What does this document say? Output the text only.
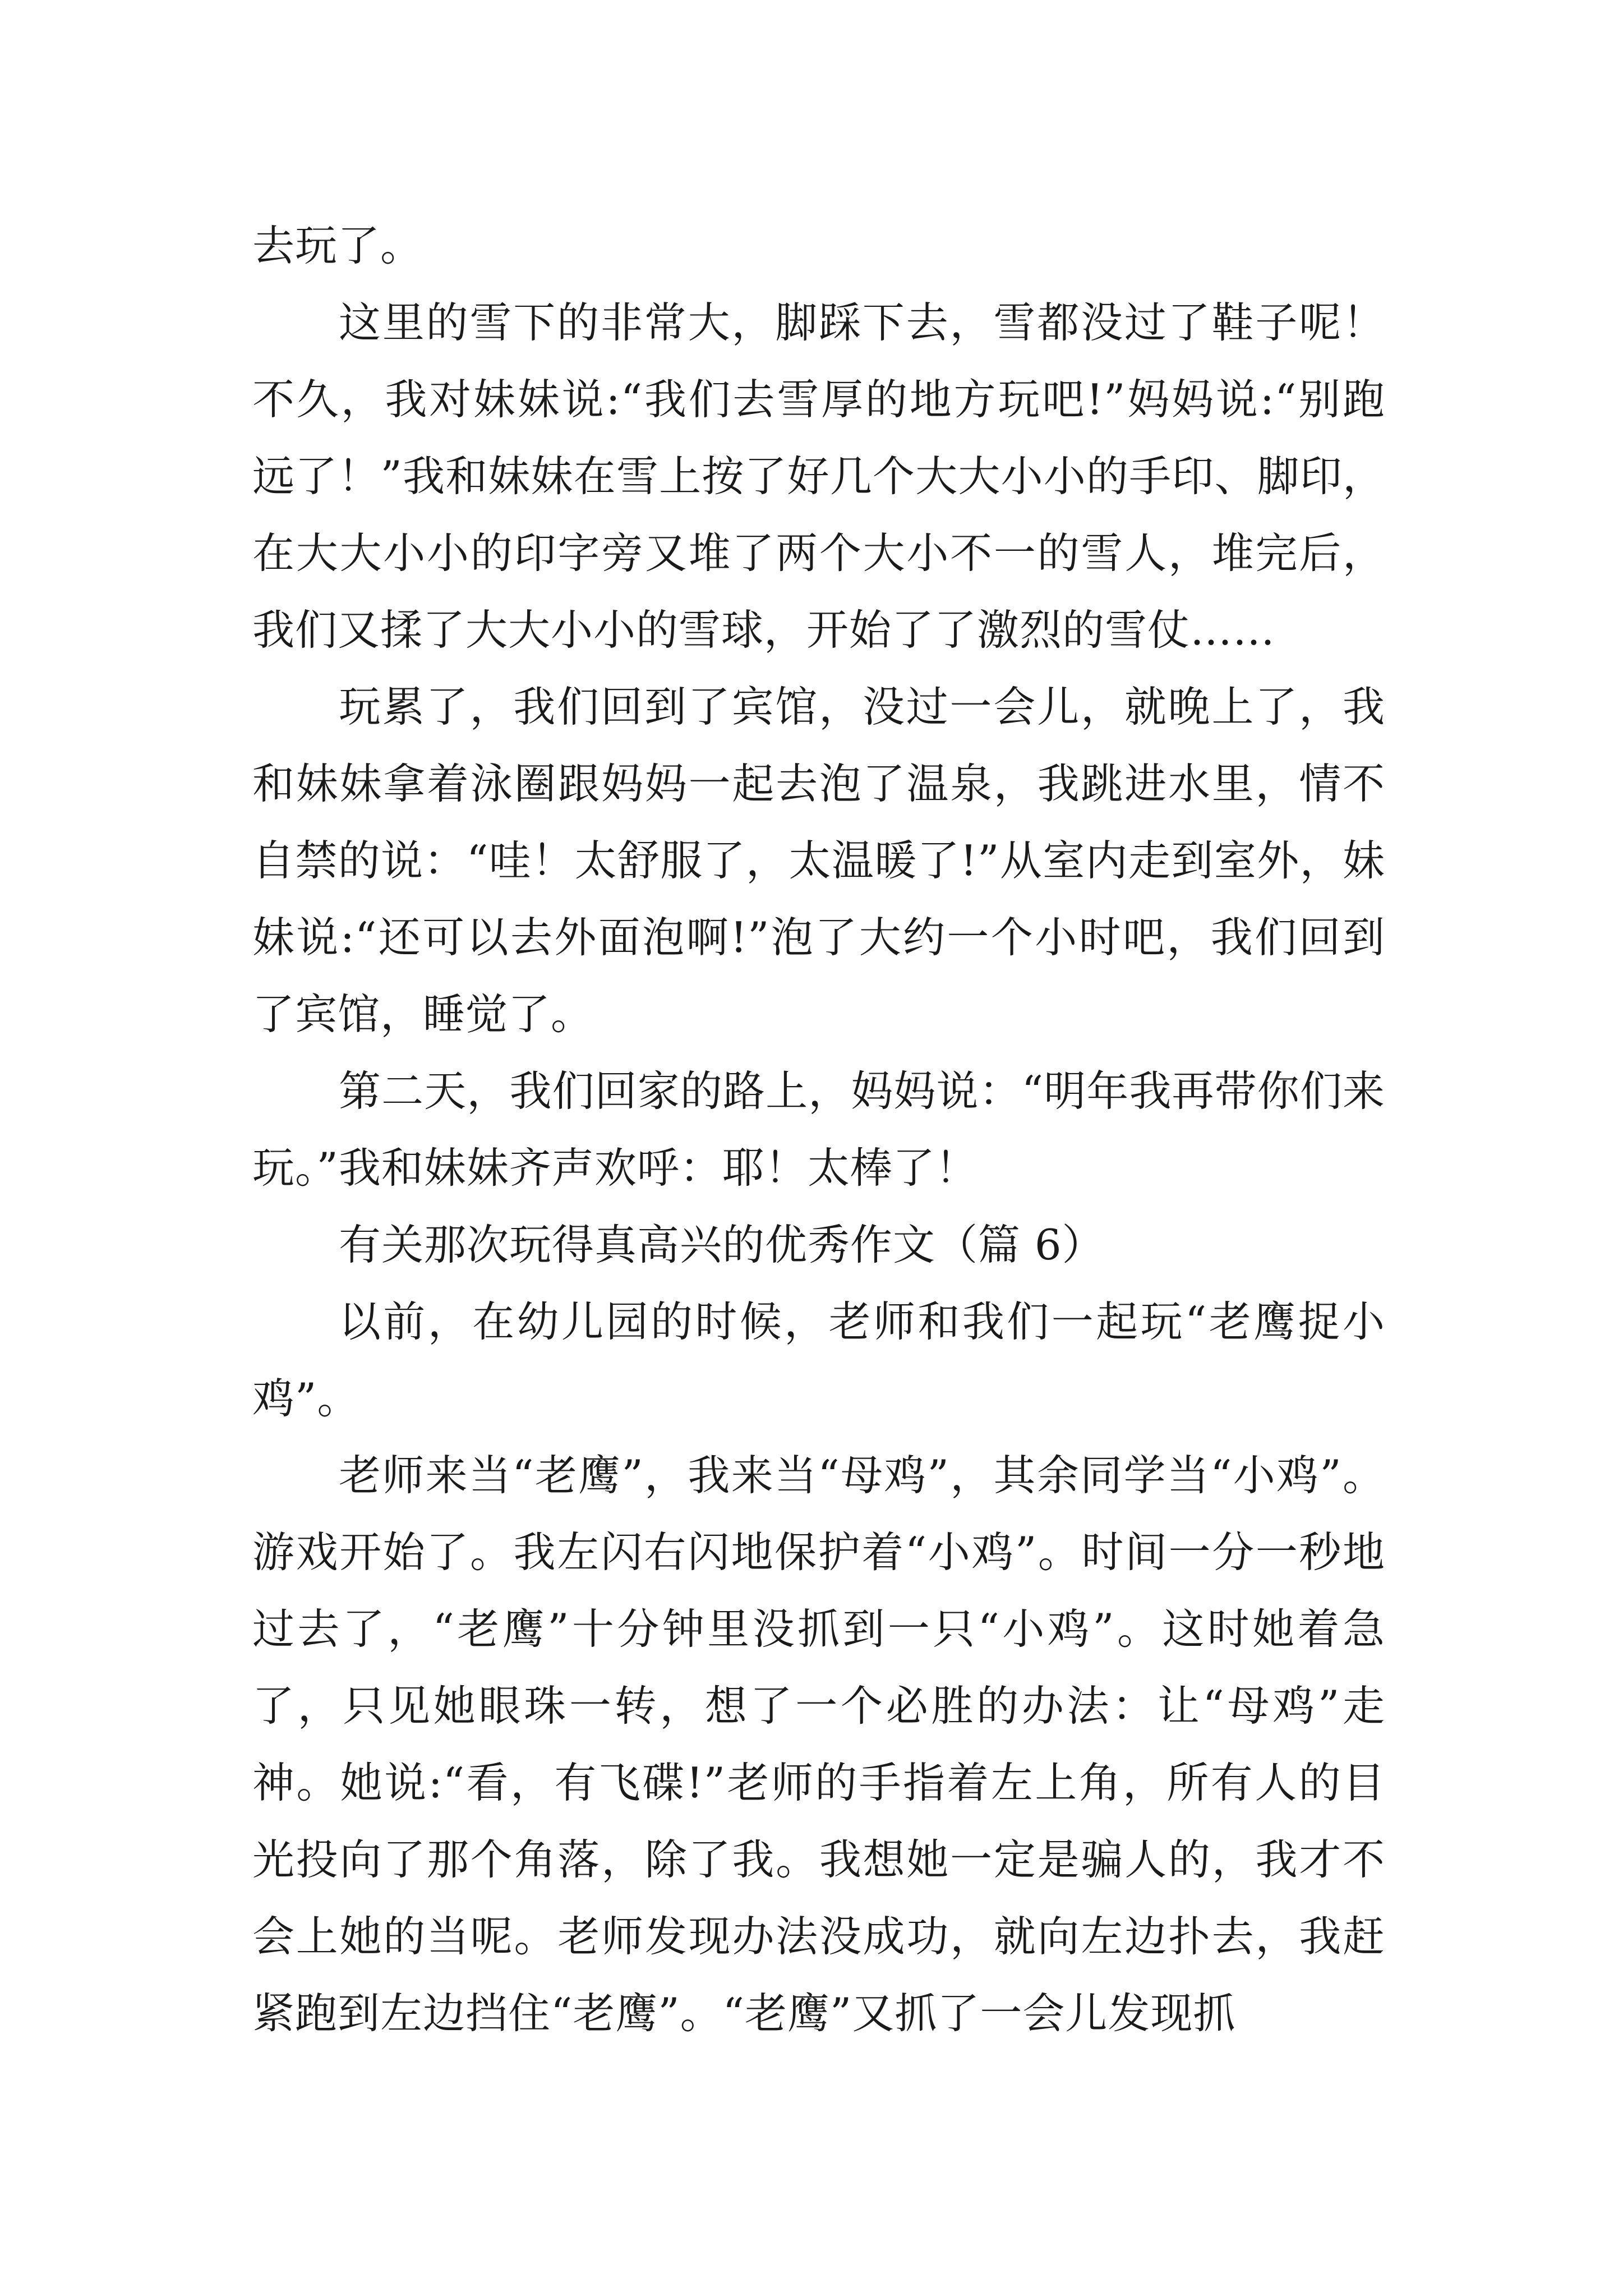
去玩了。

这里的雪下的非常大，脚踩下去，雪都没过了鞋子呢！不久，我对妹妹说:“我们去雪厚的地方玩吧!”妈妈说:“别跑远了！”我和妹妹在雪上按了好几个大大小小的手印、脚印，在大大小小的印字旁又堆了两个大小不一的雪人，堆完后，我们又揉了大大小小的雪球，开始了了激烈的雪仗……

玩累了，我们回到了宾馆，没过一会儿，就晚上了，我和妹妹拿着泳圈跟妈妈一起去泡了温泉，我跳进水里，情不自禁的说：“哇！太舒服了，太温暖了!”从室内走到室外，妹妹说:“还可以去外面泡啊!”泡了大约一个小时吧，我们回到了宾馆，睡觉了。

第二天，我们回家的路上，妈妈说：“明年我再带你们来玩。”我和妹妹齐声欢呼：耶！太棒了！

有关那次玩得真高兴的优秀作文（篇 6）

以前，在幼儿园的时候，老师和我们一起玩“老鹰捉小鸡”。

老师来当“老鹰”，我来当“母鸡”，其余同学当“小鸡”。游戏开始了。我左闪右闪地保护着“小鸡”。时间一分一秒地过去了，“老鹰”十分钟里没抓到一只“小鸡”。这时她着急了，只见她眼珠一转，想了一个必胜的办法：让“母鸡”走神。她说:“看，有飞碟!”老师的手指着左上角，所有人的目光投向了那个角落，除了我。我想她一定是骗人的，我才不会上她的当呢。老师发现办法没成功，就向左边扑去，我赶紧跑到左边挡住“老鹰”。“老鹰”又抓了一会儿发现抓
